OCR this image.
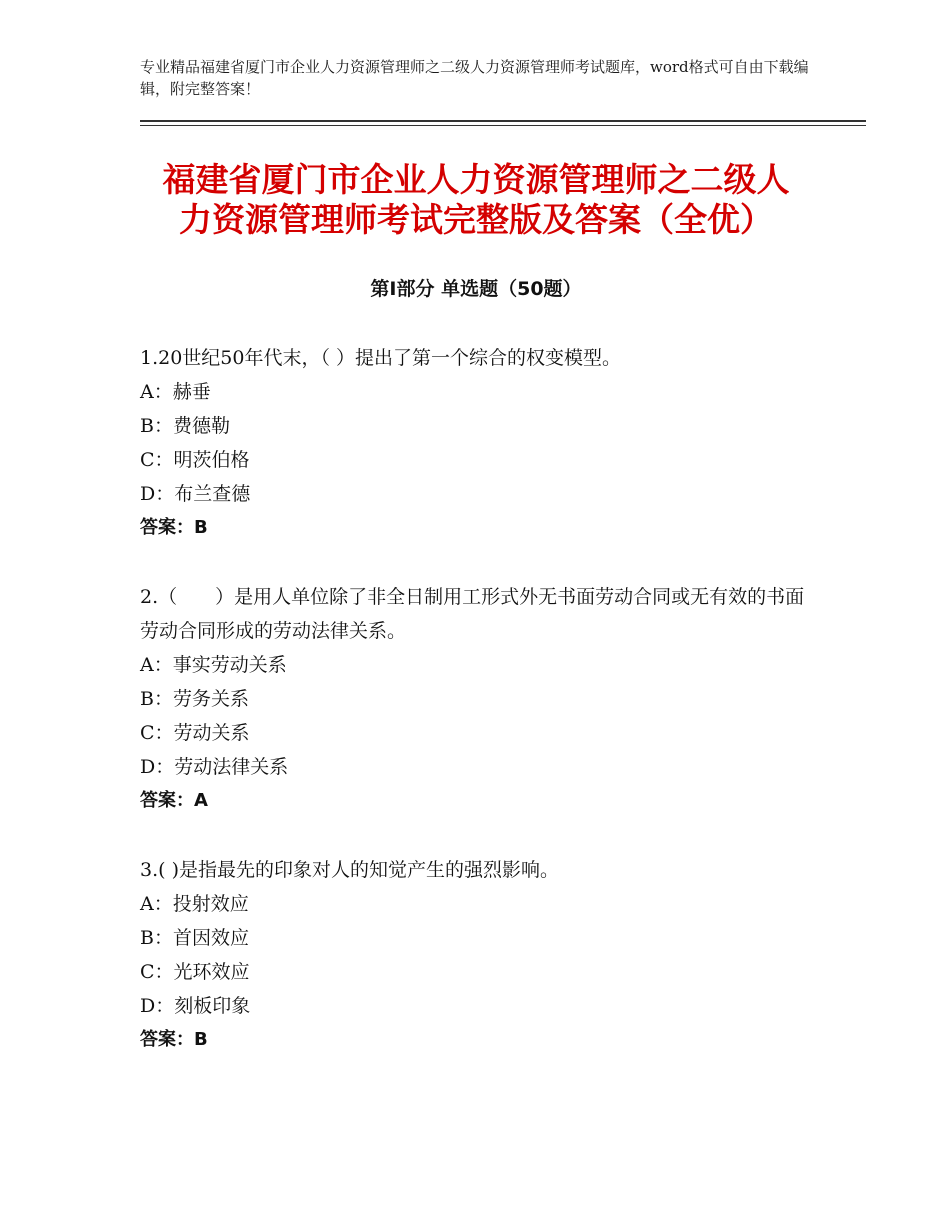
专业精品福建省厦门市企业人力资源管理师之二级人力资源管理师考试题库，word格式可自由下载编辑，附完整答案！
福建省厦门市企业人力资源管理师之二级人
力资源管理师考试完整版及答案（全优）
第Ⅰ部分 单选题（50题）
1.20世纪50年代末，（ ）提出了第一个综合的权变模型。
A：赫垂
B：费德勒
C：明茨伯格
D：布兰查德
答案：B
2.（　　）是用人单位除了非全日制用工形式外无书面劳动合同或无有效的书面劳动合同形成的劳动法律关系。
A：事实劳动关系
B：劳务关系
C：劳动关系
D：劳动法律关系
答案：A
3.( )是指最先的印象对人的知觉产生的强烈影响。
A：投射效应
B：首因效应
C：光环效应
D：刻板印象
答案：B
